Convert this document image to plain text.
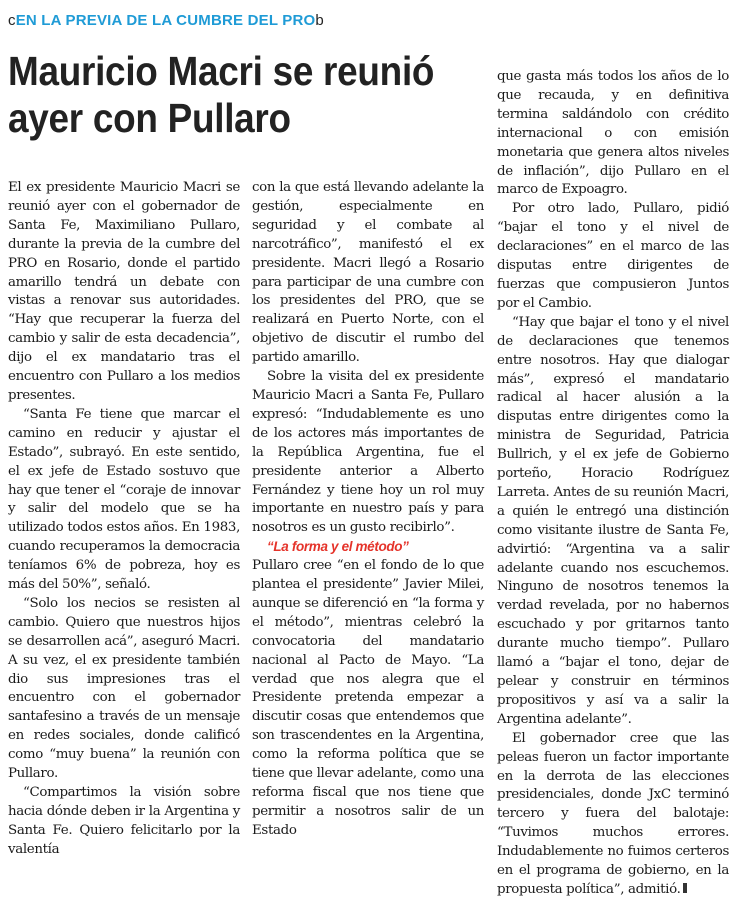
cEN LA PREVIA DE LA CUMBRE DEL PROb
Mauricio Macri se reunió ayer con Pullaro

El ex presidente Mauricio Macri se reunió ayer con el gobernador de Santa Fe, Maximiliano Pullaro, durante la previa de la cumbre del PRO en Rosario, donde el partido amarillo tendrá un debate con vistas a renovar sus autoridades. “Hay que recuperar la fuerza del cambio y salir de esta decadencia”, dijo el ex mandatario tras el encuentro con Pullaro a los medios presentes.

“Santa Fe tiene que marcar el camino en reducir y ajustar el Estado”, subrayó. En este sentido, el ex jefe de Estado sostuvo que hay que tener el “coraje de innovar y salir del modelo que se ha utilizado todos estos años. En 1983, cuando recuperamos la democracia teníamos 6% de pobreza, hoy es más del 50%”, señaló.

“Solo los necios se resisten al cambio. Quiero que nuestros hijos se desarrollen acá”, aseguró Macri. A su vez, el ex presidente también dio sus impresiones tras el encuentro con el gobernador santafesino a través de un mensaje en redes sociales, donde calificó como “muy buena” la reunión con Pullaro.

“Compartimos la visión sobre hacia dónde deben ir la Argentina y Santa Fe. Quiero felicitarlo por la valentía

con la que está llevando adelante la gestión, especialmente en seguridad y el combate al narcotráfico”, manifestó el ex presidente. Macri llegó a Rosario para participar de una cumbre con los presidentes del PRO, que se realizará en Puerto Norte, con el objetivo de discutir el rumbo del partido amarillo.

Sobre la visita del ex presidente Mauricio Macri a Santa Fe, Pullaro expresó: “Indudablemente es uno de los actores más importantes de la República Argentina, fue el presidente anterior a Alberto Fernández y tiene hoy un rol muy importante en nuestro país y para nosotros es un gusto recibirlo”.

“La forma y el método”

Pullaro cree “en el fondo de lo que plantea el presidente” Javier Milei, aunque se diferenció en “la forma y el método”, mientras celebró la convocatoria del mandatario nacional al Pacto de Mayo. “La verdad que nos alegra que el Presidente pretenda empezar a discutir cosas que entendemos que son trascendentes en la Argentina, como la reforma política que se tiene que llevar adelante, como una reforma fiscal que nos tiene que permitir a nosotros salir de un Estado

que gasta más todos los años de lo que recauda, y en definitiva termina saldándolo con crédito internacional o con emisión monetaria que genera altos niveles de inflación”, dijo Pullaro en el marco de Expoagro.

Por otro lado, Pullaro, pidió “bajar el tono y el nivel de declaraciones” en el marco de las disputas entre dirigentes de fuerzas que compusieron Juntos por el Cambio.

“Hay que bajar el tono y el nivel de declaraciones que tenemos entre nosotros. Hay que dialogar más”, expresó el mandatario radical al hacer alusión a la disputas entre dirigentes como la ministra de Seguridad, Patricia Bullrich, y el ex jefe de Gobierno porteño, Horacio Rodríguez Larreta. Antes de su reunión Macri, a quién le entregó una distinción como visitante ilustre de Santa Fe, advirtió: “Argentina va a salir adelante cuando nos escuchemos. Ninguno de nosotros tenemos la verdad revelada, por no habernos escuchado y por gritarnos tanto durante mucho tiempo”. Pullaro llamó a “bajar el tono, dejar de pelear y construir en términos propositivos y así va a salir la Argentina adelante”.

El gobernador cree que las peleas fueron un factor importante en la derrota de las elecciones presidenciales, donde JxC terminó tercero y fuera del balotaje: “Tuvimos muchos errores. Indudablemente no fuimos certeros en el programa de gobierno, en la propuesta política”, admitió.
